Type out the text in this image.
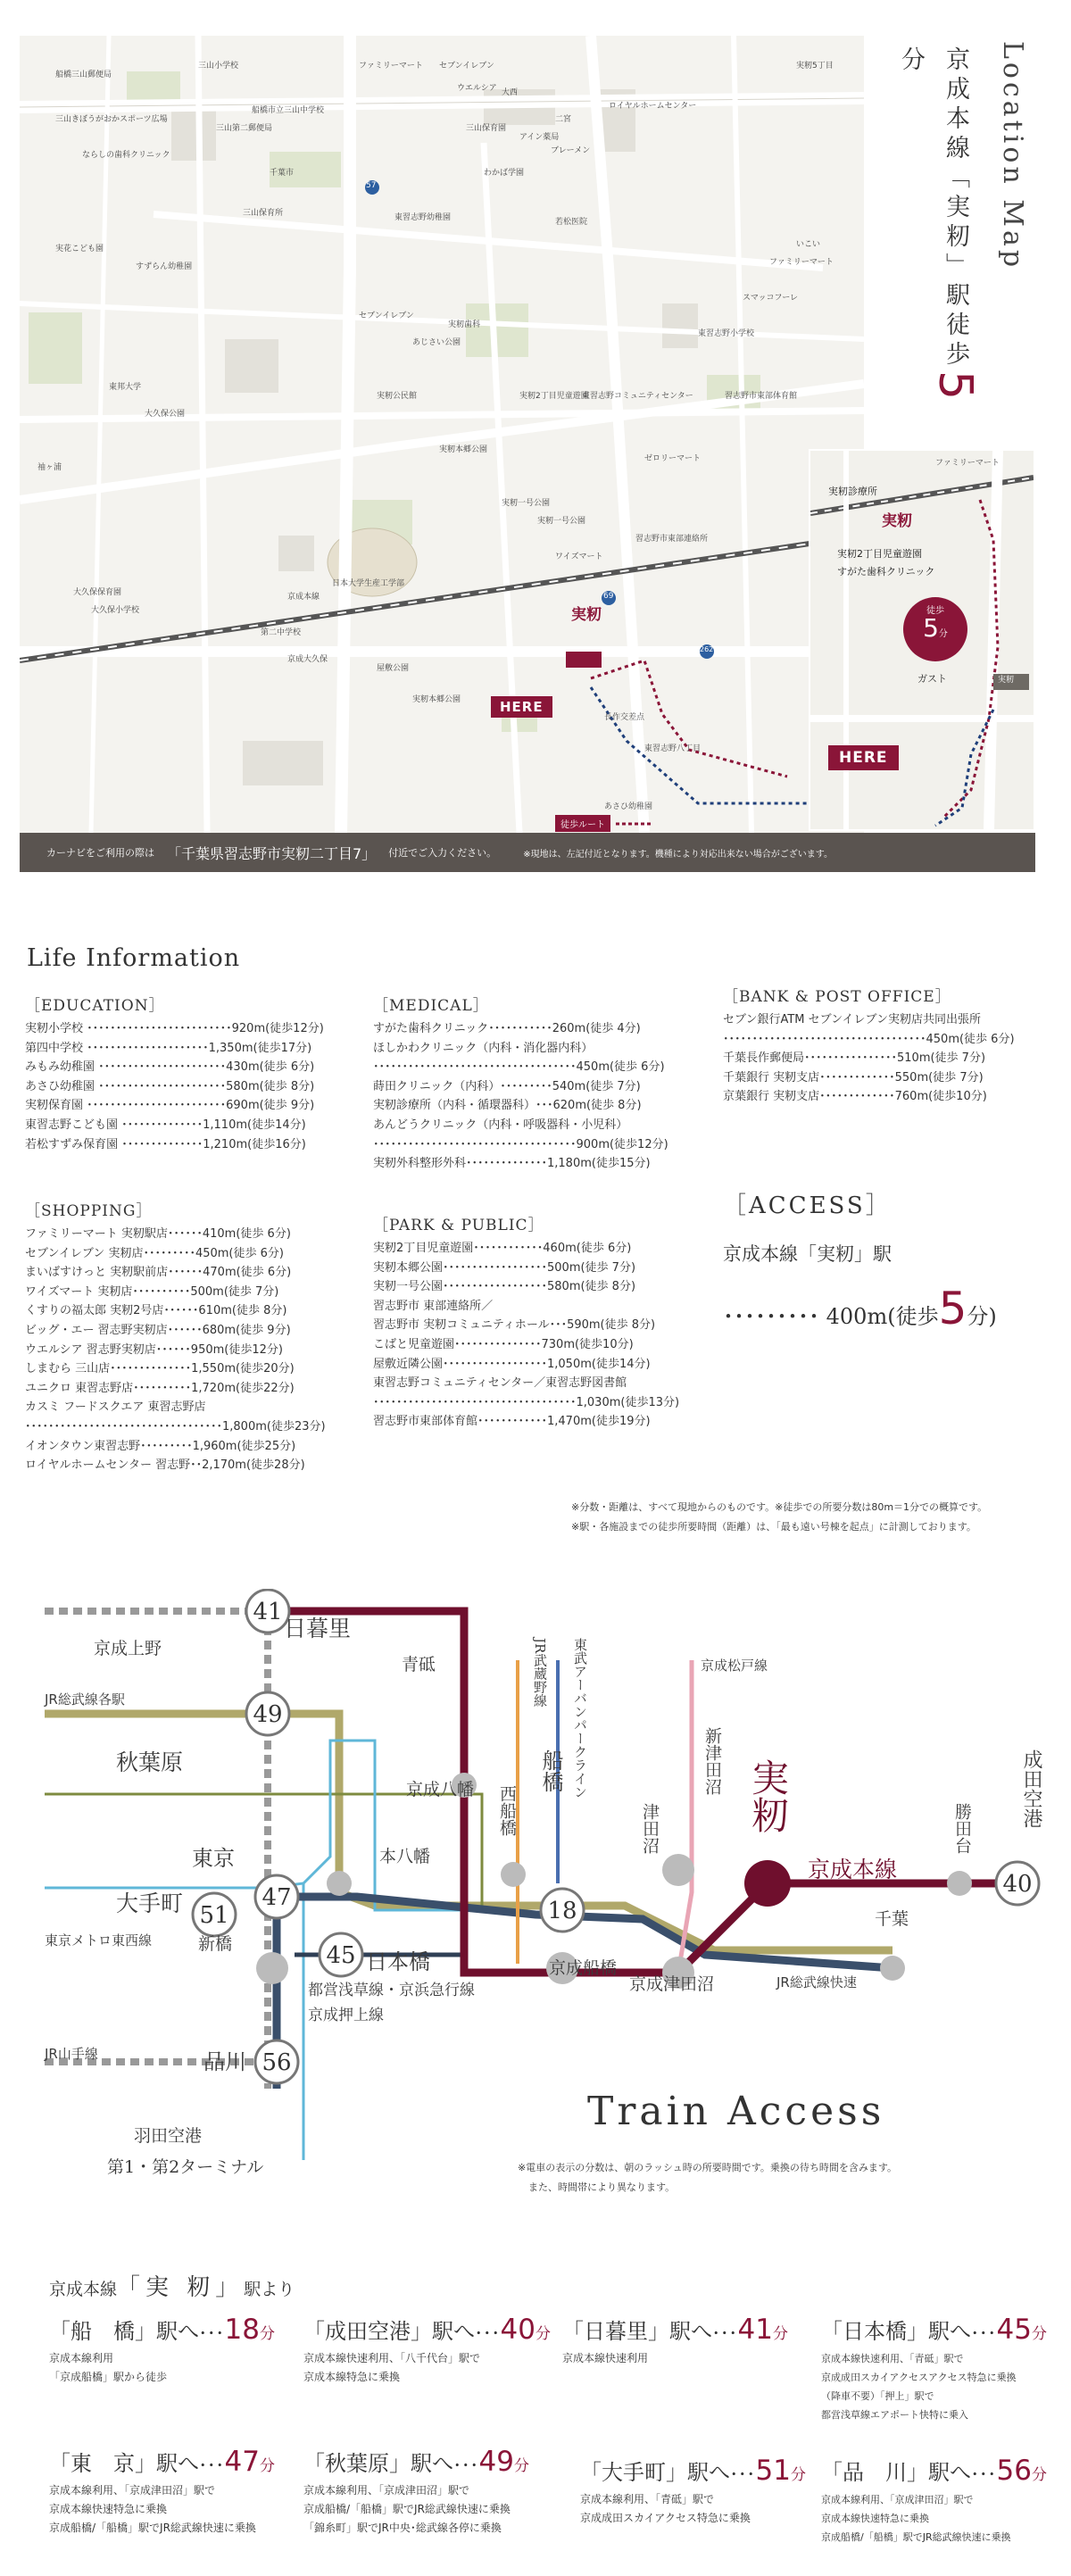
船橋三山郵便局
三山小学校
三山第二郵便局
船橋市立三山中学校
ファミリーマート セブンイレブン	実籾5丁目
三山きぼうがおかスポーツ広場
ならしの歯科クリニック
千葉市
三山保育所
大西
東習志野幼稚園
二宮
わかば学園
三山保育園
アイン薬局
ウエルシア
ロイヤルホームセンター
ブレーメン
実花こども園
すずらん幼稚園
若松医院
実籾歯科
東習志野小学校
ファミリーマート
スマッコフーレ
いこい
実籾公民館	習志野市東部体育館
実籾2丁目児童遊園
実籾本郷公園
東習志野コミュニティセンター
セブンイレブン
ゼロリーマート
あじさい公園
実籾一号公園
習志野市東部連絡所
大久保公園
袖ヶ浦
東邦大学
ワイズマート
大久保保育園
日本大学生産工学部
第二中学校
大久保小学校
京成大久保
実籾本郷公園
屋敷公園
長作交差点
あさひ幼稚園
東習志野八丁目
京成本線
実籾一号公園
実籾
57
69
262
HERE
徒歩ルート
ファミリーマート
実籾診療所
実籾
実籾2丁目児童遊園
すがた歯科クリニック
ガスト	実籾
徒歩
5分
HERE
Location Map
京成本線「実籾」駅徒歩5分
カーナビをご利用の際は 「千葉県習志野市実籾二丁目7」 付近でご入力ください。	※現地は、左記付近となります。機種により対応出来ない場合がございます。
Life Information
［EDUCATION］
実籾小学校 ･････････････････････････920m(徒歩12分)
第四中学校 ･････････････････････1,350m(徒歩17分)
みもみ幼稚園 ･･････････････････････430m(徒歩 6分)
あさひ幼稚園 ･･････････････････････580m(徒歩 8分)
実籾保育園 ････････････････････････690m(徒歩 9分)
東習志野こども園 ･･････････････1,110m(徒歩14分)
若松すずみ保育園 ･･････････････1,210m(徒歩16分)
［SHOPPING］
ファミリーマート 実籾駅店･･････410m(徒歩 6分)
セブンイレブン 実籾店･････････450m(徒歩 6分)
まいばすけっと 実籾駅前店･･････470m(徒歩 6分)
ワイズマート 実籾店･･････････500m(徒歩 7分)
くすりの福太郎 実籾2号店･･････610m(徒歩 8分)
ビッグ・エー 習志野実籾店･･････680m(徒歩 9分)
ウエルシア 習志野実籾店･･････950m(徒歩12分)
しまむら 三山店･･････････････1,550m(徒歩20分)
ユニクロ 東習志野店･･････････1,720m(徒歩22分)
カスミ フードスクエア 東習志野店
･･････････････････････････････････1,800m(徒歩23分)
イオンタウン東習志野･････････1,960m(徒歩25分)
ロイヤルホームセンター 習志野･･2,170m(徒歩28分)
［MEDICAL］
すがた歯科クリニック･･･････････260m(徒歩 4分)
ほしかわクリニック（内科・消化器内科）
･･･････････････････････････････････450m(徒歩 6分)
蒔田クリニック（内科）･････････540m(徒歩 7分)
実籾診療所（内科・循環器科）･･･620m(徒歩 8分)
あんどうクリニック（内科・呼吸器科・小児科）
･･･････････････････････････････････900m(徒歩12分)
実籾外科整形外科･･････････････1,180m(徒歩15分)
［PARK & PUBLIC］
実籾2丁目児童遊園････････････460m(徒歩 6分)
実籾本郷公園･･････････････････500m(徒歩 7分)
実籾一号公園･･････････････････580m(徒歩 8分)
習志野市 東部連絡所／
習志野市 実籾コミュニティホール･･･590m(徒歩 8分)
こばと児童遊園･･･････････････730m(徒歩10分)
屋敷近隣公園･･････････････････1,050m(徒歩14分)
東習志野コミュニティセンター／東習志野図書館
･･･････････････････････････････････1,030m(徒歩13分)
習志野市東部体育館････････････1,470m(徒歩19分)
［BANK & POST OFFICE］
セブン銀行ATM セブンイレブン実籾店共同出張所
･･･････････････････････････････････450m(徒歩 6分)
千葉長作郵便局････････････････510m(徒歩 7分)
千葉銀行 実籾支店･････････････550m(徒歩 7分)
京葉銀行 実籾支店･････････････760m(徒歩10分)
［ACCESS］
京成本線「実籾」駅
･････････ 400m(徒歩5分)
※分数・距離は、すべて現地からのものです。※徒歩での所要分数は80m＝1分での概算です。
※駅・各施設までの徒歩所要時間（距離）は、「最も遠い号棟を起点」に計測しております。
41
49
47
51
45
56
18
40
京成上野
日暮里
JR総武線各駅
秋葉原
青砥
京成八幡
本八幡
西船橋
JR武蔵野線 東武アーバンパークライン
船橋
津田沼
新津田沼
京成松戸線
実籾
京成本線
勝田台
成田空港
東京
大手町
東京メトロ東西線	新橋
日本橋
都営浅草線・京浜急行線
京成押上線
京成船橋
京成津田沼
千葉
JR総武線快速
JR山手線	品川
羽田空港
第1・第2ターミナル
Train Access
※電車の表示の分数は、朝のラッシュ時の所要時間です。乗換の待ち時間を含みます。
また、時間帯により異なります。
京成本線「実 籾」駅より
「船　橋」駅へ･･･18分
京成本線利用
「京成船橋」駅から徒歩
「成田空港」駅へ･･･40分
京成本線快速利用、「八千代台」駅で
京成本線特急に乗換
「日暮里」駅へ･･･41分
京成本線快速利用
「日本橋」駅へ･･･45分
京成本線快速利用、「青砥」駅で
京成成田スカイアクセスアクセス特急に乗換
（降車不要）「押上」駅で
都営浅草線エアポート快特に乗入
「東　京」駅へ･･･47分
京成本線利用、「京成津田沼」駅で
京成本線快速特急に乗換
京成船橋/「船橋」駅でJR総武線快速に乗換
「秋葉原」駅へ･･･49分
京成本線利用、「京成津田沼」駅で
京成船橋/「船橋」駅でJR総武線快速に乗換
「錦糸町」駅でJR中央･総武線各停に乗換
「大手町」駅へ･･･51分
京成本線利用、「青砥」駅で
京成成田スカイアクセス特急に乗換
「品　川」駅へ･･･56分
京成本線利用、「京成津田沼」駅で
京成本線快速特急に乗換
京成船橋/「船橋」駅でJR総武線快速に乗換
